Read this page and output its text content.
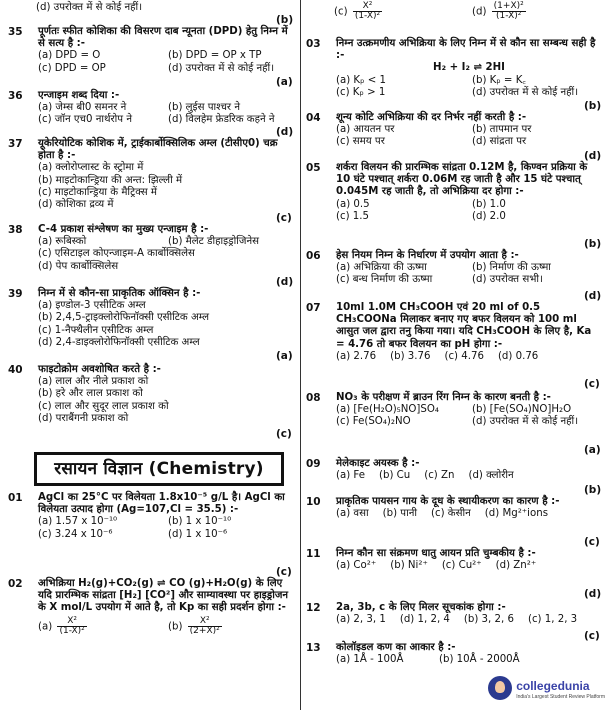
(d) उपरोक्त में से कोई नहीं।
(b)
35 पूर्णतः स्फीत कोशिका की विसरण दाब न्यूनता (DPD) हेतु निम्न में से सत्य है :-
(a) DPD = O	(b) DPD = OP x TP
(c) DPD = OP	(d) उपरोक्त में से कोई नहीं।
(a)
36 एन्जाइम शब्द दिया :-
(a) जेम्स बी0 समनर ने	(b) लुईस पाश्चर ने
(c) जॉन एच0 नार्थरोप ने	(d) विलहेम फ्रेडरिक कहने ने
(d)
37 यूकेरियोटिक कोशिक में, ट्राईकार्बोक्सिलिक अम्ल (टीसीए0) चक्र होता है :-
(a) क्लोरोप्लास्ट के स्ट्रोमा में
(b) माइटोकान्ड्रिया की अन्त: झिल्ली में
(c) माइटोकान्ड्रिया के मैट्रिक्स में
(d) कोशिका द्रव्य में
(c)
38 C-4 प्रकाश संश्लेषण का मुख्य एन्जाइम है :-
(a) रूबिस्को	(b) मैलेट डीहाइड्रोजिनेस
(c) एसिटाइल कोएन्जाइम-A कार्बोक्सिलेस
(d) पेप कार्बोक्सिलेस
(d)
39 निम्न में से कौन-सा प्राकृतिक ऑक्सिन है :-
(a) इण्डोल-3 एसीटिक अम्ल
(b) 2,4,5-ट्राइक्लोरोफिनॉक्सी एसीटिक अम्ल
(c) 1-नैफ्थैलीन एसीटिक अम्ल
(d) 2,4-डाइक्लोरोफिनॉक्सी एसीटिक अम्ल
(a)
40 फाइटोक्रोम अवशोषित करते है :-
(a) लाल और नीले प्रकाश को
(b) हरे और लाल प्रकाश को
(c) लाल और सुदूर लाल प्रकाश को
(d) पराबैंगनी प्रकाश को
(c)
रसायन विज्ञान (Chemistry)
01 AgCl का 25°C पर विलेयता 1.8x10⁻⁵ g/L है। AgCl का विलेयता उत्पाद होगा (Ag=107,Cl = 35.5) :-
(a) 1.57 x 10⁻¹⁰	(b) 1 x 10⁻¹⁰
(c) 3.24 x 10⁻⁶	(d) 1 x 10⁻⁶
(c)
02 अभिक्रिया H₂(g)+CO₂(g) ⇌ CO (g)+H₂O(g) के लिए यदि प्रारम्भिक सांद्रता [H₂] [CO²] और साम्यावस्था पर हाइड्रोजन के X mol/L उपयोग में आते है, तो Kp का सही प्रदर्शन होगा :-
$(a) \frac{\text{X²}}{\text{(1-X)²}}$	$(b) \frac{\text{X²}}{\text{(2+X)²}}$
$(c) \frac{\text{X²}}{\text{(1-X)²}}$	$(d) \frac{\text{(1+X)²}}{\text{(1-X)²}}$
03 निम्न उत्क्रमणीय अभिक्रिया के लिए निम्न में से कौन सा सम्बन्ध सही है :-
H₂ + I₂ ⇌ 2HI
(a) Kₚ < 1	(b) Kₚ = K꜀
(c) Kₚ > 1	(d) उपरोक्त में से कोई नहीं।
(b)
04 शून्य कोटि अभिक्रिया की दर निर्भर नहीं करती है :-
(a) आयतन पर	(b) तापमान पर
(c) समय पर	(d) सांद्रता पर
(d)
05 शर्करा विलयन की प्रारम्भिक सांद्रता 0.12M है, किण्वन प्रक्रिया के 10 घंटे पश्चात् शर्करा 0.06M रह जाती है और 15 घंटे पश्चात् 0.045M रह जाती है, तो अभिक्रिया दर होगा :-
(a) 0.5	(b) 1.0
(c) 1.5	(d) 2.0
(b)
06 हेस नियम निम्न के निर्धारण में उपयोग आता है :-
(a) अभिक्रिया की ऊष्मा	(b) निर्माण की ऊष्मा
(c) बन्ध निर्माण की ऊष्मा	(d) उपरोक्त सभी।
(d)
07 10ml 1.0M CH₃COOH एवं 20 ml of 0.5 CH₃COONa मिलाकर बनाए गए बफर विलयन को 100 ml आसुत जल द्वारा तनु किया गया। यदि CH₃COOH के लिए है, Ka = 4.76 तो बफर विलयन का pH होगा :-
(a) 2.76 (b) 3.76 (c) 4.76 (d) 0.76
(c)
08 NO₃ के परीक्षण में ब्राउन रिंग निम्न के कारण बनती है :-
(a) [Fe(H₂O)₅NO]SO₄	(b) [Fe(SO₄)NO]H₂O
(c) Fe(SO₄)₂NO	(d) उपरोक्त में से कोई नहीं।
(a)
09 मेलेकाइट अयस्क है :-
(a) Fe (b) Cu (c) Zn (d) क्लोरीन
(b)
10 प्राकृतिक पायसन गाय के दूध के स्थायीकरण का कारण है :-
(a) वसा (b) पानी (c) केसीन (d) Mg²⁺ions
(c)
11 निम्न कौन सा संक्रमण धातु आयन प्रति चुम्बकीय है :-
(a) Co²⁺ (b) Ni²⁺ (c) Cu²⁺ (d) Zn²⁺
(d)
12 2a, 3b, c के लिए मिलर सूचकांक होगा :-
(a) 2, 3, 1 (d) 1, 2, 4 (b) 3, 2, 6 (c) 1, 2, 3
(c)
13 कोलॉइडल कण का आकार है :-
(a) 1Å - 100Å	(b) 10Å - 2000Å
collegedunia
India's Largest Student Review Platform
